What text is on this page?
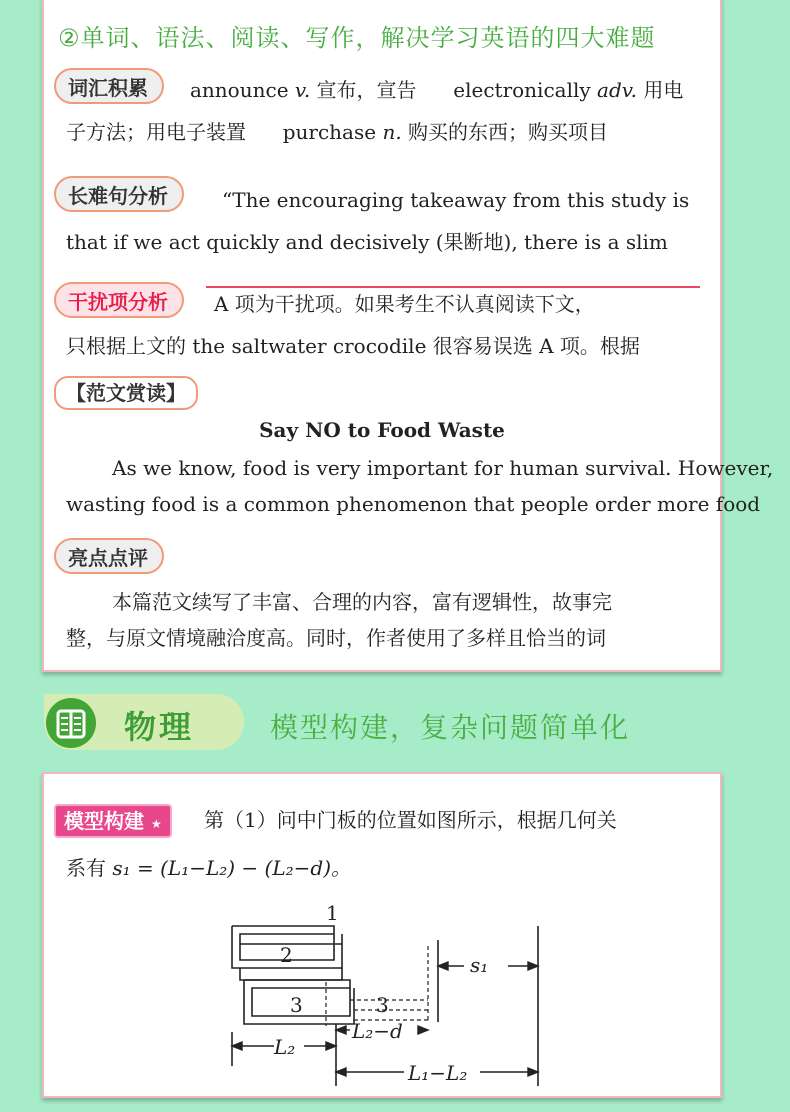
②单词、语法、阅读、写作，解决学习英语的四大难题
词汇积累	announce v. 宣布，宣告 electronically adv. 用电
子方法；用电子装置 purchase n. 购买的东西；购买项目
长难句分析	“The encouraging takeaway from this study is
that if we act quickly and decisively (果断地), there is a slim
干扰项分析	A 项为干扰项。如果考生不认真阅读下文，
只根据上文的 the saltwater crocodile 很容易误选 A 项。根据
【范文赏读】
Say NO to Food Waste
As we know, food is very important for human survival. However,
wasting food is a common phenomenon that people order more food
亮点点评
本篇范文续写了丰富、合理的内容，富有逻辑性，故事完
整，与原文情境融洽度高。同时，作者使用了多样且恰当的词
物理	模型构建，复杂问题简单化
模型构建 ★	第（1）问中门板的位置如图所示，根据几何关
系有 s₁ = (L₁−L₂) − (L₂−d)。
1
2
3	3
s₁
L₂
L₂−d
L₁−L₂
